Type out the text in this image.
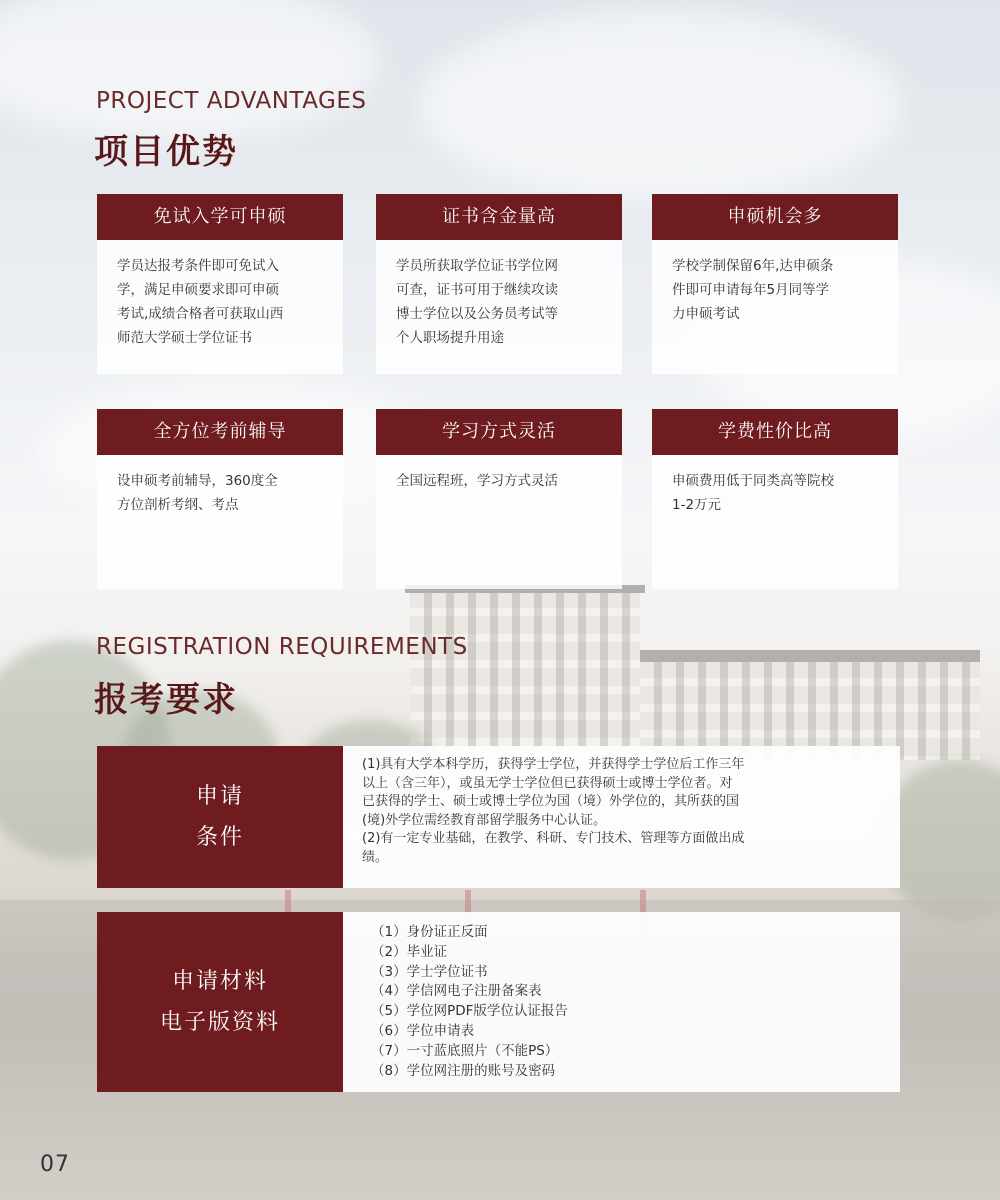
PROJECT ADVANTAGES
项目优势
免试入学可申硕
学员达报考条件即可免试入
学，满足申硕要求即可申硕
考试,成绩合格者可获取山西
师范大学硕士学位证书
证书含金量高
学员所获取学位证书学位网
可查，证书可用于继续攻读
博士学位以及公务员考试等
个人职场提升用途
申硕机会多
学校学制保留6年,达申硕条
件即可申请每年5月同等学
力申硕考试
全方位考前辅导
设申硕考前辅导，360度全
方位剖析考纲、考点
学习方式灵活
全国远程班，学习方式灵活
学费性价比高
申硕费用低于同类高等院校
1-2万元
REGISTRATION REQUIREMENTS
报考要求
申请
条件
(1)具有大学本科学历，获得学士学位，并获得学士学位后工作三年
以上（含三年），或虽无学士学位但已获得硕士或博士学位者。对
已获得的学士、硕士或博士学位为国（境）外学位的，其所获的国
(境)外学位需经教育部留学服务中心认证。
(2)有一定专业基础，在教学、科研、专门技术、管理等方面做出成
绩。
申请材料
电子版资料
（1）身份证正反面
（2）毕业证
（3）学士学位证书
（4）学信网电子注册备案表
（5）学位网PDF版学位认证报告
（6）学位申请表
（7）一寸蓝底照片（不能PS）
（8）学位网注册的账号及密码
07
